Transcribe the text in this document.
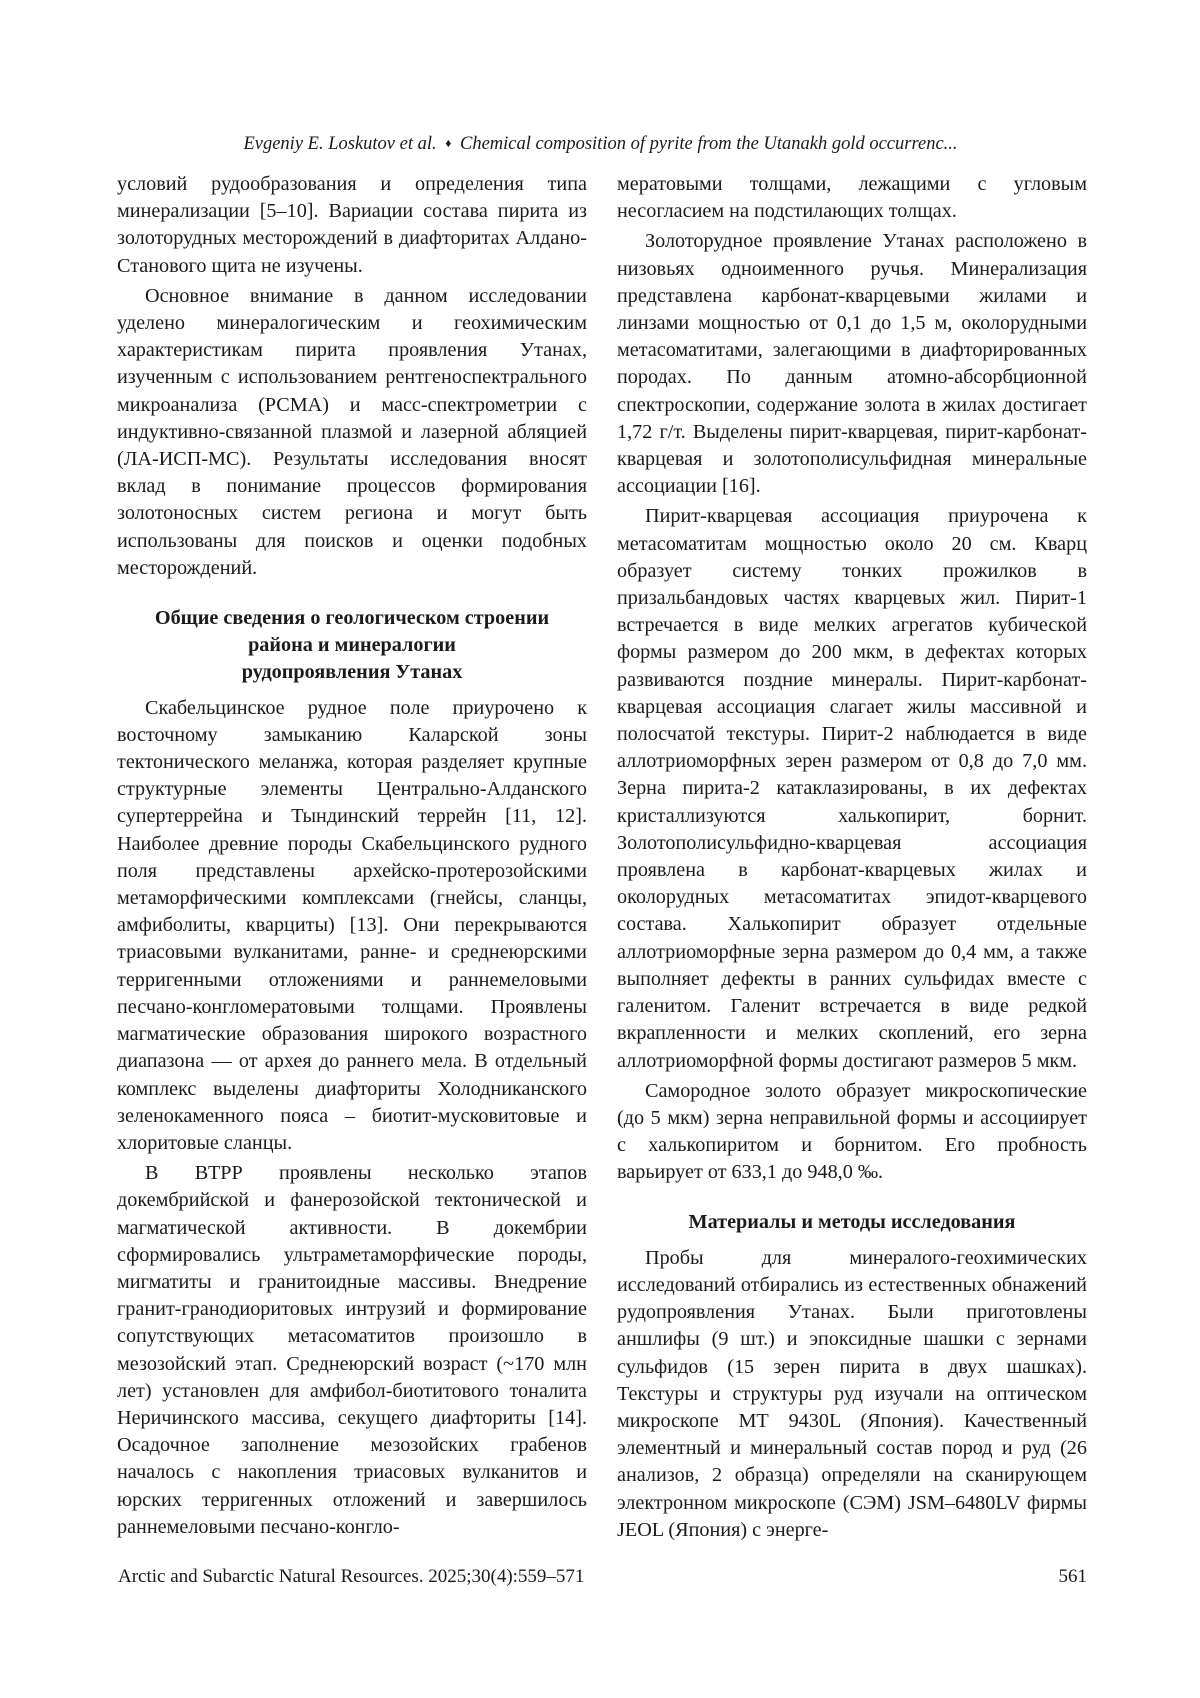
Evgeniy E. Loskutov et al. ♦ Chemical composition of pyrite from the Utanakh gold occurrenc...

условий рудообразования и определения типа минерализации [5–10]. Вариации состава пирита из золоторудных месторождений в диафторитах Алдано-Станового щита не изучены.

Основное внимание в данном исследовании уделено минералогическим и геохимическим характеристикам пирита проявления Утанах, изученным с использованием рентгеноспектрального микроанализа (РСМА) и масс-спектрометрии с индуктивно-связанной плазмой и лазерной абляцией (ЛА-ИСП-МС). Результаты исследования вносят вклад в понимание процессов формирования золотоносных систем региона и могут быть использованы для поисков и оценки подобных месторождений.

Общие сведения о геологическом строении
района и минералогии
рудопроявления Утанах

Скабельцинское рудное поле приурочено к восточному замыканию Каларской зоны тектонического меланжа, которая разделяет крупные структурные элементы Центрально-Алданского супертеррейна и Тындинский террейн [11, 12]. Наиболее древние породы Скабельцинского рудного поля представлены архейско-протерозойскими метаморфическими комплексами (гнейсы, сланцы, амфиболиты, кварциты) [13]. Они перекрываются триасовыми вулканитами, ранне- и среднеюрскими терригенными отложениями и раннемеловыми песчано-конгломератовыми толщами. Проявлены магматические образования широкого возрастного диапазона — от архея до раннего мела. В отдельный комплекс выделены диафториты Холодниканского зеленокаменного пояса – биотит-мусковитовые и хлоритовые сланцы.

В ВТРР проявлены несколько этапов докембрийской и фанерозойской тектонической и магматической активности. В докембрии сформировались ультраметаморфические породы, мигматиты и гранитоидные массивы. Внедрение гранит-гранодиоритовых интрузий и формирование сопутствующих метасоматитов произошло в мезозойский этап. Среднеюрский возраст (~170 млн лет) установлен для амфибол-биотитового тоналита Неричинского массива, секущего диафториты [14]. Осадочное заполнение мезозойских грабенов началось с накопления триасовых вулканитов и юрских терригенных отложений и завершилось раннемеловыми песчано-конгло-

мератовыми толщами, лежащими с угловым несогласием на подстилающих толщах.

Золоторудное проявление Утанах расположено в низовьях одноименного ручья. Минерализация представлена карбонат-кварцевыми жилами и линзами мощностью от 0,1 до 1,5 м, околорудными метасоматитами, залегающими в диафторированных породах. По данным атомно-абсорбционной спектроскопии, содержание золота в жилах достигает 1,72 г/т. Выделены пирит-кварцевая, пирит-карбонат-кварцевая и золотополисульфидная минеральные ассоциации [16].

Пирит-кварцевая ассоциация приурочена к метасоматитам мощностью около 20 см. Кварц образует систему тонких прожилков в призальбандовых частях кварцевых жил. Пирит-1 встречается в виде мелких агрегатов кубической формы размером до 200 мкм, в дефектах которых развиваются поздние минералы. Пирит-карбонат-кварцевая ассоциация слагает жилы массивной и полосчатой текстуры. Пирит-2 наблюдается в виде аллотриоморфных зерен размером от 0,8 до 7,0 мм. Зерна пирита-2 катаклазированы, в их дефектах кристаллизуются халькопирит, борнит. Золотополисульфидно-кварцевая ассоциация проявлена в карбонат-кварцевых жилах и околорудных метасоматитах эпидот-кварцевого состава. Халькопирит образует отдельные аллотриоморфные зерна размером до 0,4 мм, а также выполняет дефекты в ранних сульфидах вместе с галенитом. Галенит встречается в виде редкой вкрапленности и мелких скоплений, его зерна аллотриоморфной формы достигают размеров 5 мкм.

Самородное золото образует микроскопические (до 5 мкм) зерна неправильной формы и ассоциирует с халькопиритом и борнитом. Его пробность варьирует от 633,1 до 948,0 ‰.

Материалы и методы исследования

Пробы для минералого-геохимических исследований отбирались из естественных обнажений рудопроявления Утанах. Были приготовлены аншлифы (9 шт.) и эпоксидные шашки с зернами сульфидов (15 зерен пирита в двух шашках). Текстуры и структуры руд изучали на оптическом микроскопе МТ 9430L (Япония). Качественный элементный и минеральный состав пород и руд (26 анализов, 2 образца) определяли на сканирующем электронном микроскопе (СЭМ) JSM–6480LV фирмы JEOL (Япония) с энерге-

Arctic and Subarctic Natural Resources. 2025;30(4):559–571	561
